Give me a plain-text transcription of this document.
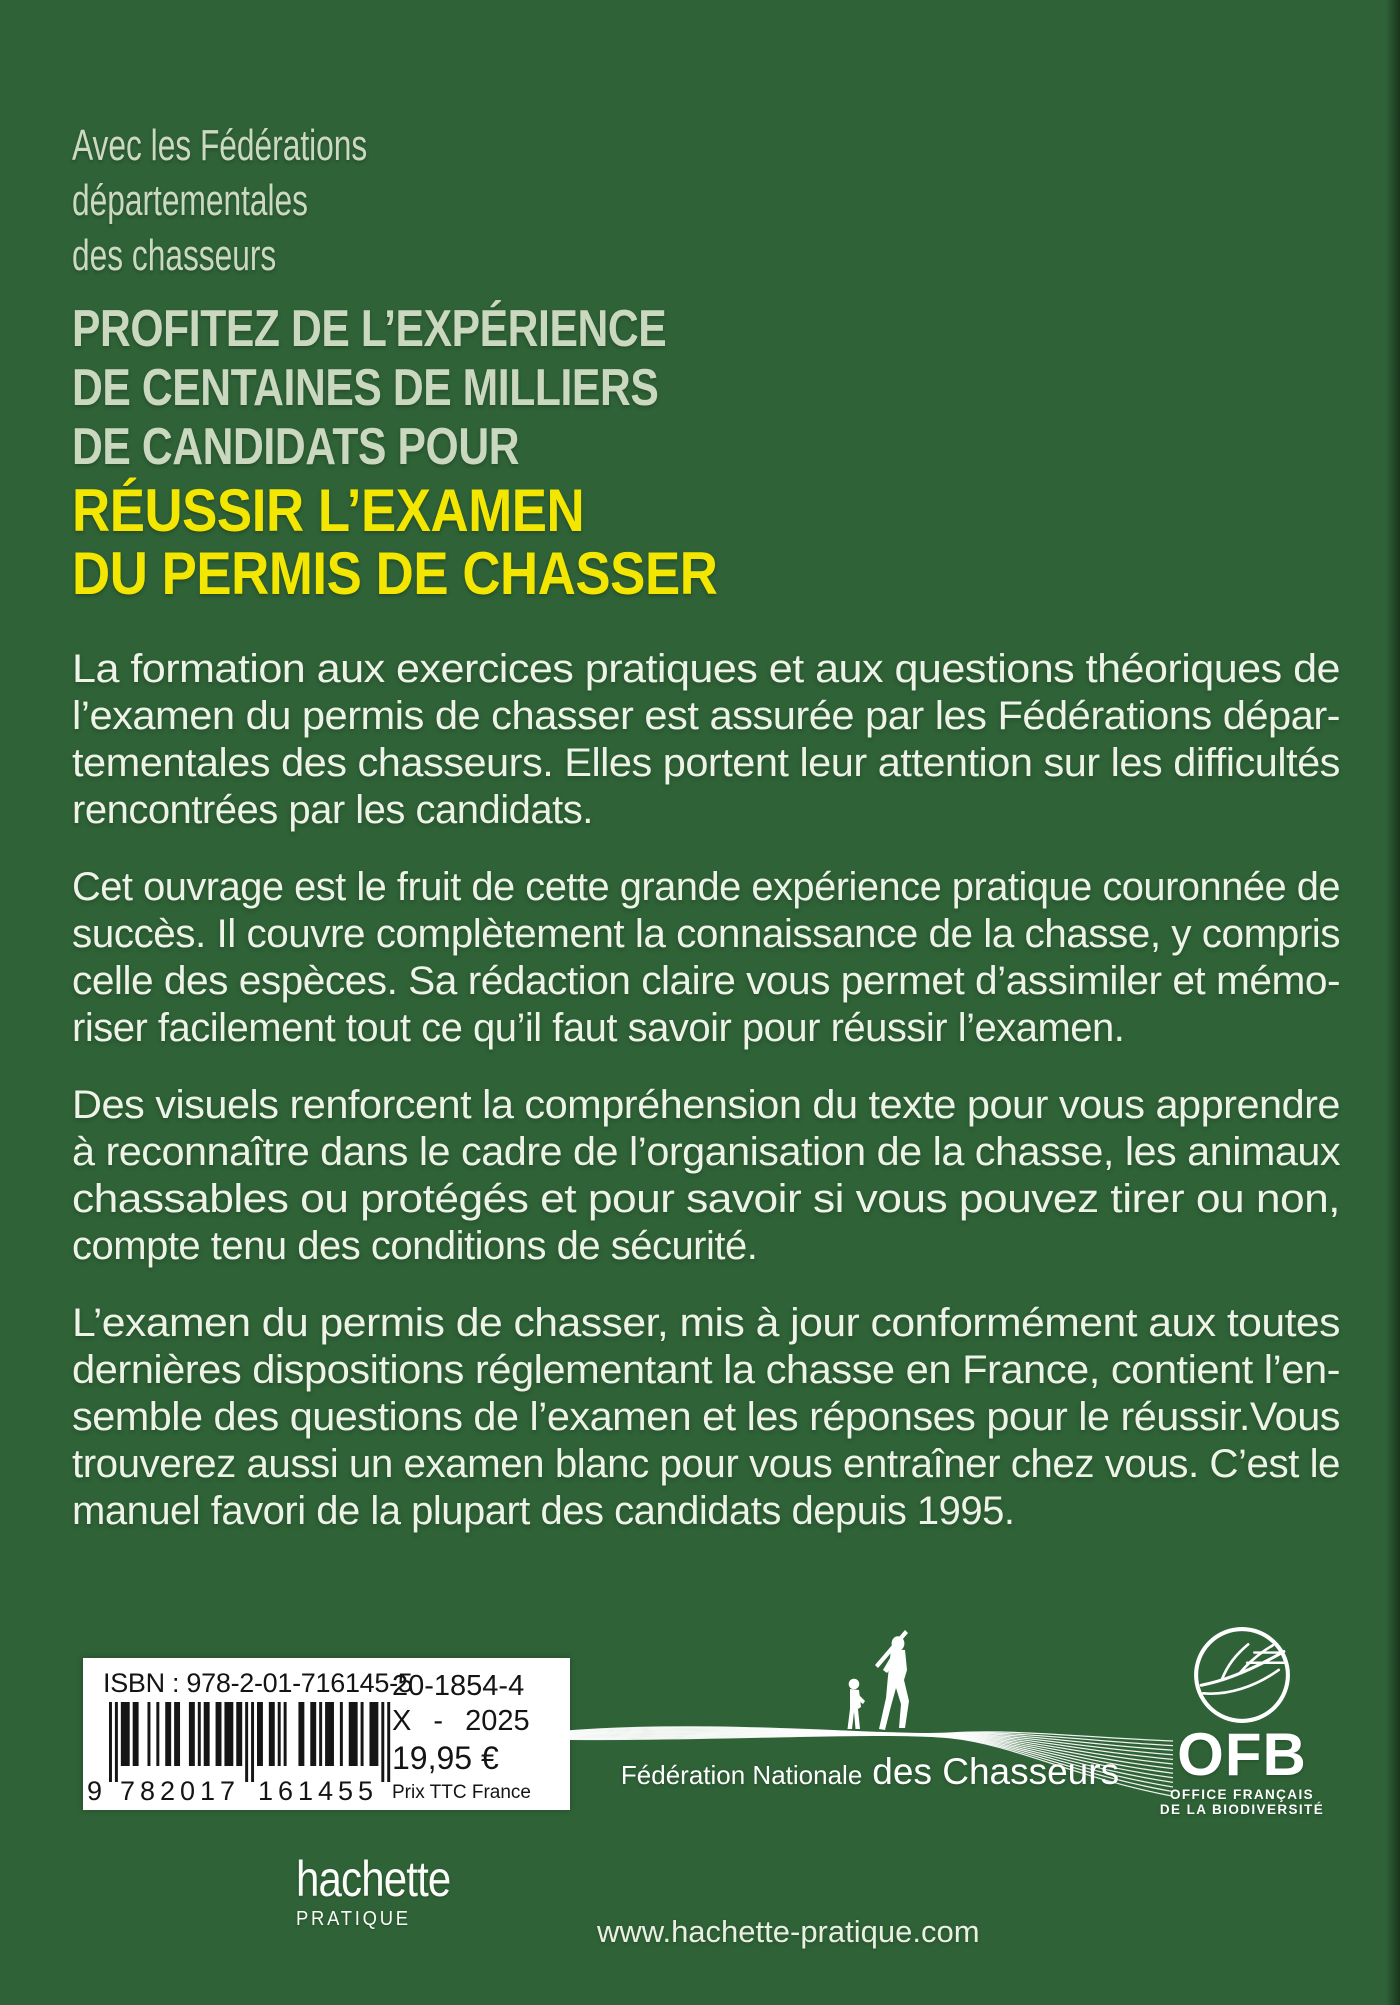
Avec les Fédérations
départementales
des chasseurs
PROFITEZ DE L’EXPÉRIENCE
DE CENTAINES DE MILLIERS
DE CANDIDATS POUR
RÉUSSIR L’EXAMEN
DU PERMIS DE CHASSER
La formation aux exercices pratiques et aux questions théoriques de
l’examen du permis de chasser est assurée par les Fédérations dépar-
tementales des chasseurs. Elles portent leur attention sur les difficultés
rencontrées par les candidats.
Cet ouvrage est le fruit de cette grande expérience pratique couronnée de
succès. Il couvre complètement la connaissance de la chasse, y compris
celle des espèces. Sa rédaction claire vous permet d’assimiler et mémo-
riser facilement tout ce qu’il faut savoir pour réussir l’examen.
Des visuels renforcent la compréhension du texte pour vous apprendre
à reconnaître dans le cadre de l’organisation de la chasse, les animaux
chassables ou protégés et pour savoir si vous pouvez tirer ou non,
compte tenu des conditions de sécurité.
L’examen du permis de chasser, mis à jour conformément aux toutes
dernières dispositions réglementant la chasse en France, contient l’en-
semble des questions de l’examen et les réponses pour le réussir.Vous
trouverez aussi un examen blanc pour vous entraîner chez vous. C’est le
manuel favori de la plupart des candidats depuis 1995.
ISBN : 978-2-01-716145-5
9 782017 161455
20-1854-4
X - 2025
19,95 €
Prix TTC France
Fédération Nationale des Chasseurs OFB
OFFICE FRANÇAIS
DE LA BIODIVERSITÉ
hachette
PRATIQUE	www.hachette-pratique.com
